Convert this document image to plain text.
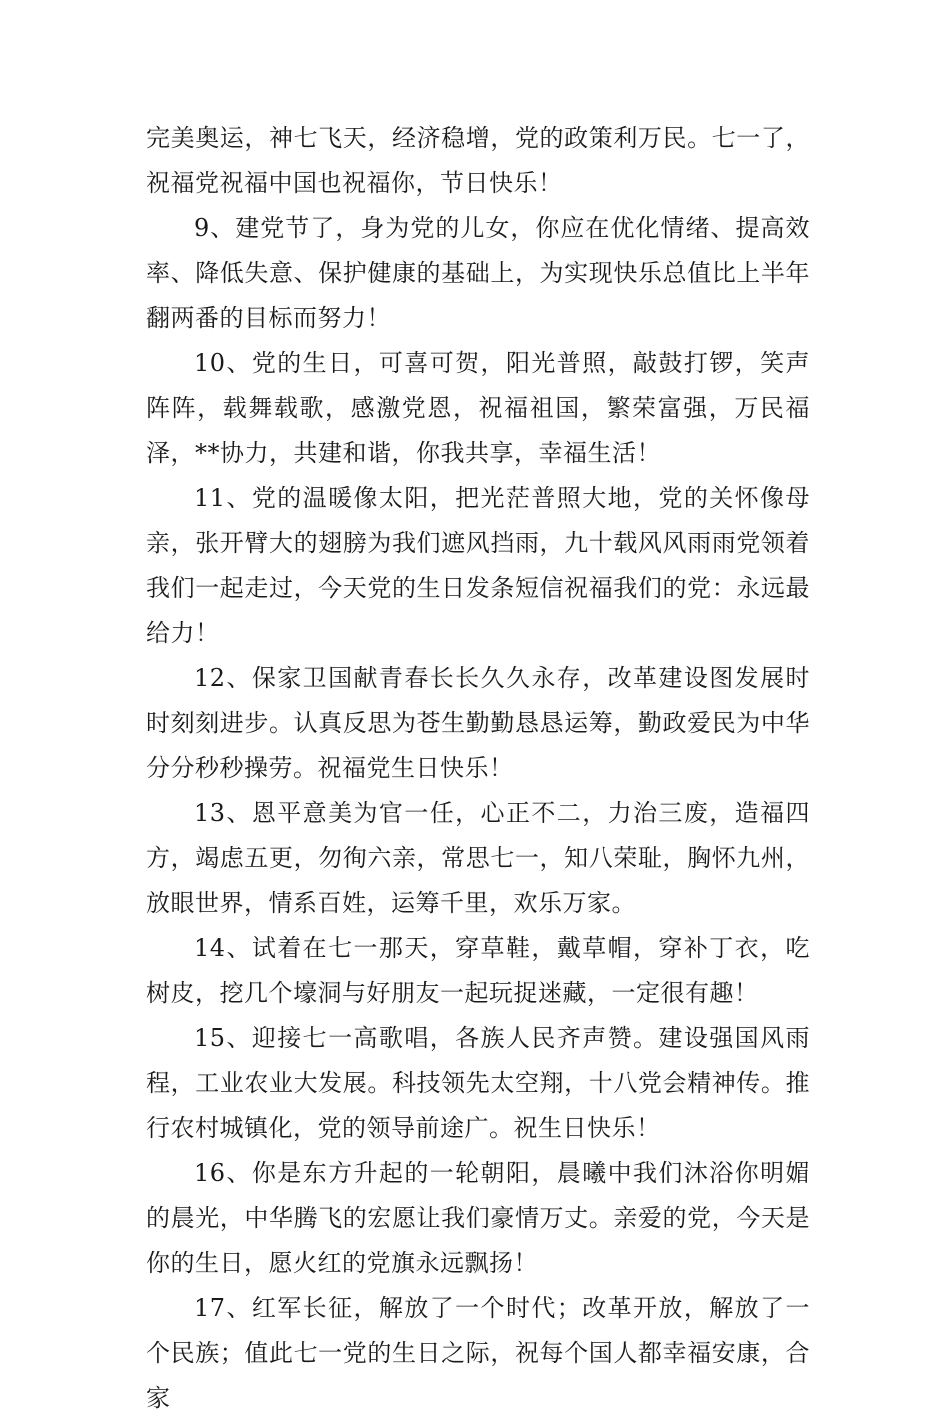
完美奥运，神七飞天，经济稳增，党的政策利万民。七一了，祝福党祝福中国也祝福你，节日快乐！

9、建党节了，身为党的儿女，你应在优化情绪、提高效率、降低失意、保护健康的基础上，为实现快乐总值比上半年翻两番的目标而努力！

10、党的生日，可喜可贺，阳光普照，敲鼓打锣，笑声阵阵，载舞载歌，感激党恩，祝福祖国，繁荣富强，万民福泽，**协力，共建和谐，你我共享，幸福生活！

11、党的温暖像太阳，把光茫普照大地，党的关怀像母亲，张开臂大的翅膀为我们遮风挡雨，九十载风风雨雨党领着我们一起走过，今天党的生日发条短信祝福我们的党：永远最给力！

12、保家卫国献青春长长久久永存，改革建设图发展时时刻刻进步。认真反思为苍生勤勤恳恳运筹，勤政爱民为中华分分秒秒操劳。祝福党生日快乐！

13、恩平意美为官一任，心正不二，力治三废，造福四方，竭虑五更，勿徇六亲，常思七一，知八荣耻，胸怀九州，放眼世界，情系百姓，运筹千里，欢乐万家。

14、试着在七一那天，穿草鞋，戴草帽，穿补丁衣，吃树皮，挖几个壕洞与好朋友一起玩捉迷藏，一定很有趣！

15、迎接七一高歌唱，各族人民齐声赞。建设强国风雨程，工业农业大发展。科技领先太空翔，十八党会精神传。推行农村城镇化，党的领导前途广。祝生日快乐！

16、你是东方升起的一轮朝阳，晨曦中我们沐浴你明媚的晨光，中华腾飞的宏愿让我们豪情万丈。亲爱的党，今天是你的生日，愿火红的党旗永远飘扬！

17、红军长征，解放了一个时代；改革开放，解放了一个民族；值此七一党的生日之际，祝每个国人都幸福安康，合家
